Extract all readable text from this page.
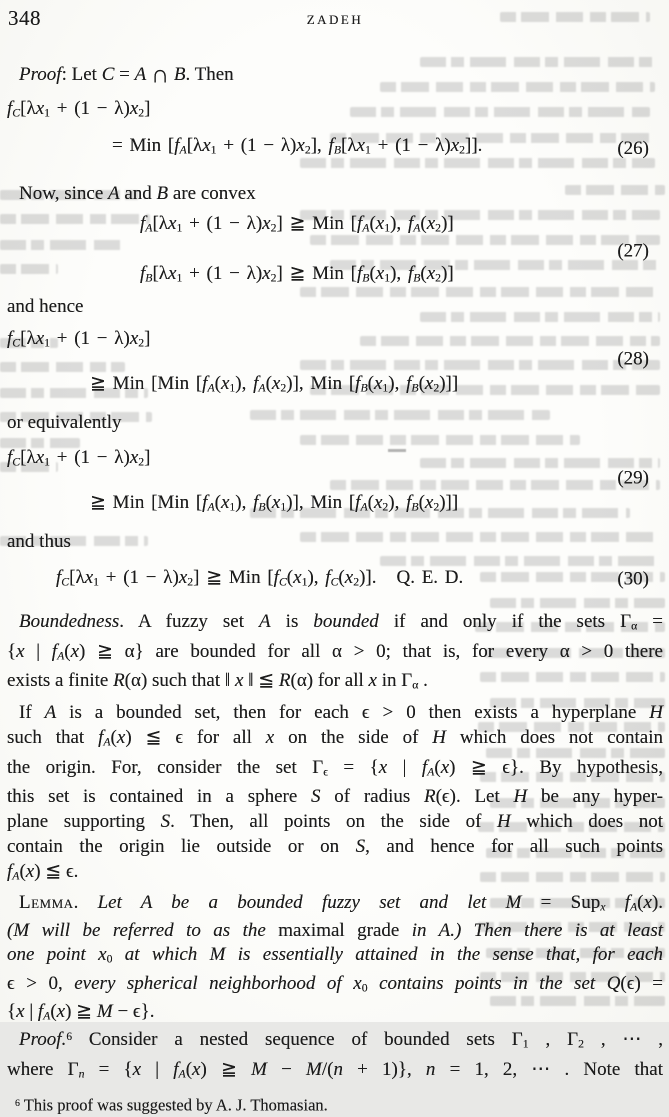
348	ZADEH
Proof: Let C = A ∩ B. Then
fC[λx1 + (1 − λ)x2]
= Min [fA[λx1 + (1 − λ)x2], fB[λx1 + (1 − λ)x2]].	(26)
Now, since A and B are convex
fA[λx1 + (1 − λ)x2] ≧ Min [fA(x1), fA(x2)]
fB[λx1 + (1 − λ)x2] ≧ Min [fB(x1), fB(x2)]
(27)
and hence
fC[λx1 + (1 − λ)x2]
≧ Min [Min [fA(x1), fA(x2)], Min [fB(x1), fB(x2)]]
(28)
or equivalently
fC[λx1 + (1 − λ)x2]
≧ Min [Min [fA(x1), fB(x1)], Min [fA(x2), fB(x2)]]
(29)
and thus
fC[λx1 + (1 − λ)x2] ≧ Min [fC(x1), fC(x2)]. Q. E. D.	(30)
Boundedness. A fuzzy set A is bounded if and only if the sets Γα =
{x | fA(x) ≧ α} are bounded for all α > 0; that is, for every α > 0 there
exists a finite R(α) such that ‖ x ‖ ≦ R(α) for all x in Γα .
If A is a bounded set, then for each ϵ > 0 then exists a hyperplane H
such that fA(x) ≦ ϵ for all x on the side of H which does not contain
the origin. For, consider the set Γϵ = {x | fA(x) ≧ ϵ}. By hypothesis,
this set is contained in a sphere S of radius R(ϵ). Let H be any hyper-
plane supporting S. Then, all points on the side of H which does not
contain the origin lie outside or on S, and hence for all such points
fA(x) ≦ ϵ.
Lemma. Let A be a bounded fuzzy set and let M = Supx fA(x).
(M will be referred to as the maximal grade in A.) Then there is at least
one point x0 at which M is essentially attained in the sense that, for each
ϵ > 0, every spherical neighborhood of x0 contains points in the set Q(ϵ) =
{x | fA(x) ≧ M − ϵ}.
Proof.$^6$ Consider a nested sequence of bounded sets Γ1 , Γ2 , ⋯ ,
where Γn = {x | fA(x) ≧ M − M/(n + 1)}, n = 1, 2, ⋯ . Note that
$^6$ This proof was suggested by A. J. Thomasian.
